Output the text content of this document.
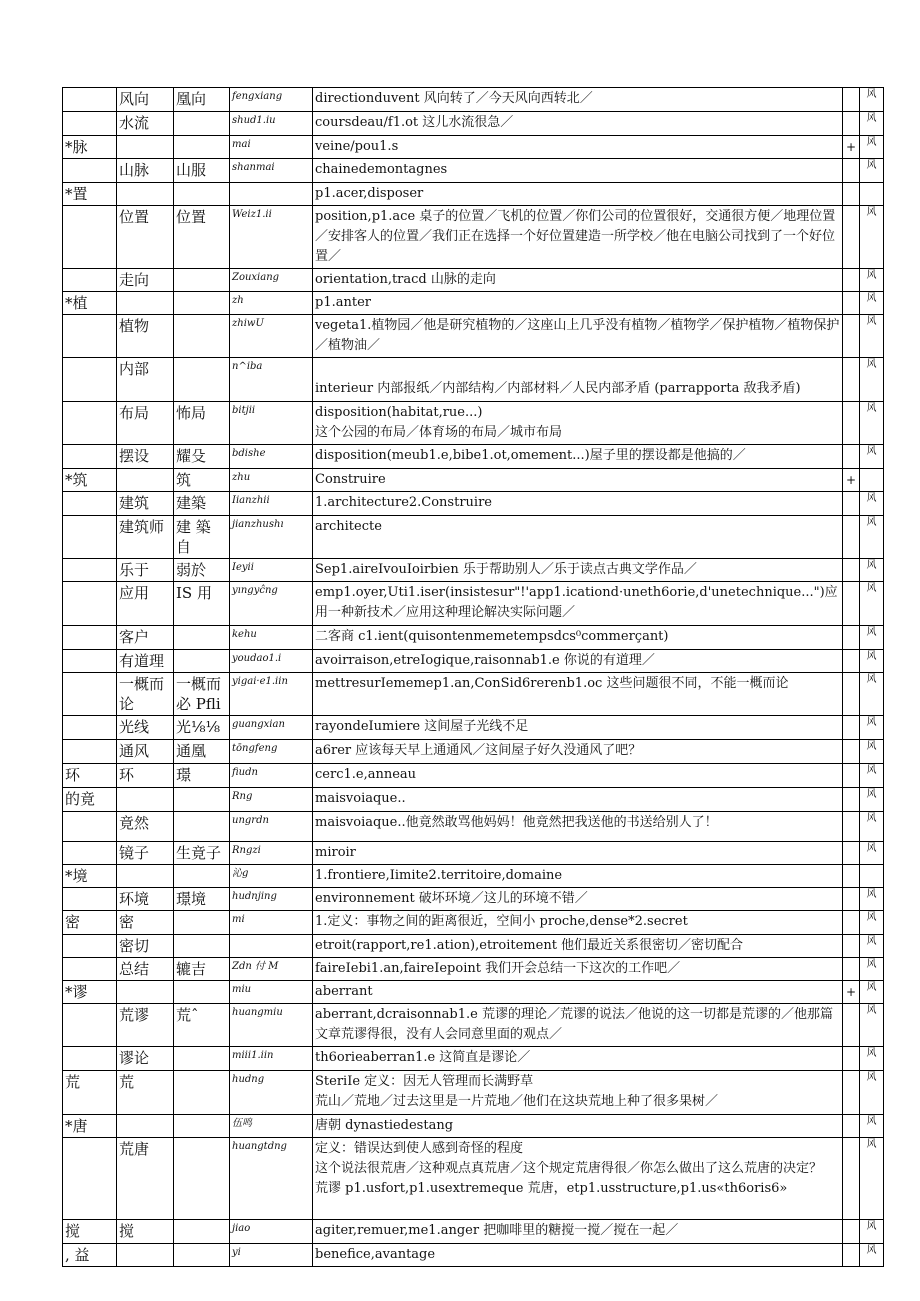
	风向	凰向	fengxiang	directionduvent 风向转了／今天风向西转北／		风
	水流		shud1.iu	coursdeau/f1.ot 这儿水流很急／		风
*脉			mai	veine/pou1.s	+	风
	山脉	山服	shanmai	chainedemontagnes		风
*置				p1.acer,disposer		

	位置	位置	Weiz1.ii	position,p1.ace 桌子的位置／飞机的位置／你们公司的位置很好，交通很方便／地理位置／安排客人的位置／我们正在选择一个好位置建造一所学校／他在电脑公司找到了一个好位置／		风
	走向		Zouxiang	orientation,tracd 山脉的走向		风
*植			zh	p1.anter		风
	植物		zhiwU	vegeta1.植物园／他是研究植物的／这座山上几乎没有植物／植物学／保护植物／植物保护／植物油／		风
	内部		n^iba	interieur 内部报纸／内部结构／内部材料／人民内部矛盾 (parrapporta 敌我矛盾)		风
	布局	怖局	bitjii	disposition(habitat,rue...)
这个公园的布局／体育场的布局／城市布局		风
	摆设	耀殳	bdishe	disposition(meub1.e,bibe1.ot,omement...)屋子里的摆设都是他搞的／		风
*筑		筑	zhu	Construire	+	
	建筑	建築	Iianzhii	1.architecture2.Construire		风
	建筑师	建 築 自	jianzhushı	architecte		风
	乐于	弱於	Ieyii	Sep1.aireIvouIoirbien 乐于帮助别人／乐于读点古典文学作品／		风
	应用	IS 用	yıngyĉng	emp1.oyer,Uti1.iser(insistesur"!'app1.icationd·uneth6orie,d'unetechnique...")应用一种新技术／应用这种理论解决实际问题／		风
	客户		kehu	二客商 c1.ient(quisontenmemetempsdcs⁰commerçant)		风
	有道理		youdao1.i	avoirraison,etreIogique,raisonnab1.e 你说的有道理／		风
	一概而论	一概而必 Pfli	yigai·e1.iin	mettresurIememep1.an,ConSid6rerenb1.oc 这些问题很不同，不能一概而论		风
	光线	光⅛⅛	guangxian	rayondeIumiere 这间屋子光线不足		风
	通风	通凰	tōngfeng	a6rer 应该每天早上通通风／这间屋子好久没通风了吧？		风
环	环	璟	fiudn	cerc1.e,anneau		风
的竟			Rng	maisvoiaque..		风
	竟然		ungrdn	maisvoiaque..他竟然敢骂他妈妈！他竟然把我送他的书送给别人了！		风
	镜子	生竟子	Rngzi	miroir		风
*境			沁g	1.frontiere,Iimite2.territoire,domaine		

	环境	璟境	hudnjing	environnement 破坏环境／这儿的环境不错／		风
密	密		mi	1.定义：事物之间的距离很近，空间小 proche,dense*2.secret		风
	密切			etroit(rapport,re1.ation),etroitement 他们最近关系很密切／密切配合		风
	总结	辘吉	Zdn 付 M	faireIebi1.an,faireIepoint 我们开会总结一下这次的工作吧／		风
*谬			miu	aberrant	+	风
	荒谬	荒ˆ	huangmiu	aberrant,dcraisonnab1.e 荒谬的理论／荒谬的说法／他说的这一切都是荒谬的／他那篇文章荒谬得很，没有人会同意里面的观点／		风
	谬论		miii1.iin	th6orieaberran1.e 这简直是谬论／		风
荒	荒		hudng	SteriIe 定义：因无人管理而长满野草
荒山／荒地／过去这里是一片荒地／他们在这块荒地上种了很多果树／		风
*唐			伍鸣	唐朝 dynastiedestang		风
	荒唐		huangtdng	定义：错误达到使人感到奇怪的程度
这个说法很荒唐／这种观点真荒唐／这个规定荒唐得很／你怎么做出了这么荒唐的决定？
荒谬 p1.usfort,p1.usextremeque 荒唐，etp1.usstructure,p1.us«th6oris6»		风
搅	搅		jiao	agiter,remuer,me1.anger 把咖啡里的糖搅一搅／搅在一起／		风
, 益			yi	benefice,avantage		风
